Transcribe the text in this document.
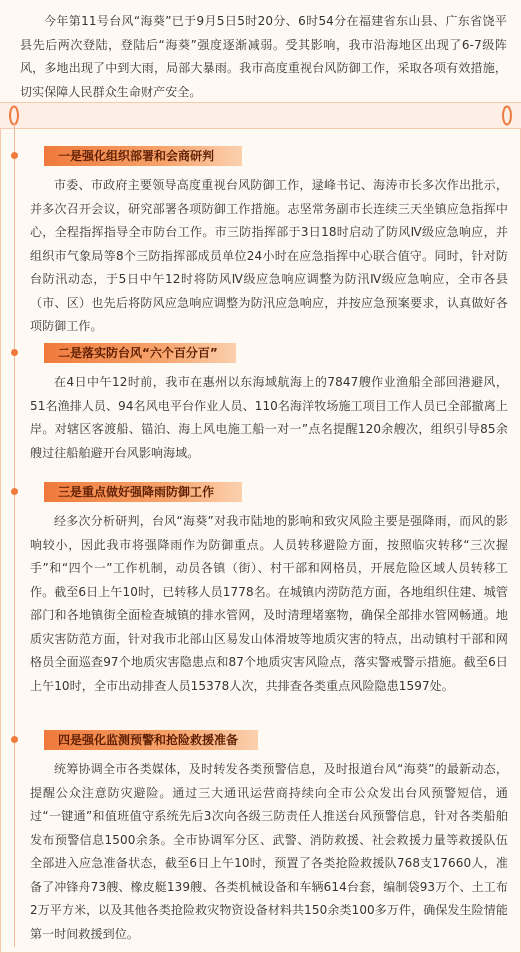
今年第11号台风“海葵”已于9月5日5时20分、6时54分在福建省东山县、广东省饶平县先后两次登陆，登陆后“海葵”强度逐渐减弱。受其影响，我市沿海地区出现了6-7级阵风，多地出现了中到大雨，局部大暴雨。我市高度重视台风防御工作，采取各项有效措施，切实保障人民群众生命财产安全。

一是强化组织部署和会商研判

市委、市政府主要领导高度重视台风防御工作，逯峰书记、海涛市长多次作出批示，并多次召开会议，研究部署各项防御工作措施。志坚常务副市长连续三天坐镇应急指挥中心，全程指挥指导全市防台工作。市三防指挥部于3日18时启动了防风Ⅳ级应急响应，并组织市气象局等8个三防指挥部成员单位24小时在应急指挥中心联合值守。同时，针对防台防汛动态，于5日中午12时将防风Ⅳ级应急响应调整为防汛Ⅳ级应急响应，全市各县（市、区）也先后将防风应急响应调整为防汛应急响应，并按应急预案要求，认真做好各项防御工作。

二是落实防台风“六个百分百”

在4日中午12时前，我市在惠州以东海域航海上的7847艘作业渔船全部回港避风，51名渔排人员、94名风电平台作业人员、110名海洋牧场施工项目工作人员已全部撤离上岸。对辖区客渡船、锚泊、海上风电施工船一对一”点名提醒120余艘次，组织引导85余艘过往船舶避开台风影响海域。

三是重点做好强降雨防御工作

经多次分析研判，台风“海葵”对我市陆地的影响和致灾风险主要是强降雨，而风的影响较小，因此我市将强降雨作为防御重点。人员转移避险方面，按照临灾转移“三次握手”和“四个一”工作机制，动员各镇（街）、村干部和网格员，开展危险区域人员转移工作。截至6日上午10时，已转移人员1778名。在城镇内涝防范方面，各地组织住建、城管部门和各地镇街全面检查城镇的排水管网，及时清理堵塞物，确保全部排水管网畅通。地质灾害防范方面，针对我市北部山区易发山体滑坡等地质灾害的特点，出动镇村干部和网格员全面巡查97个地质灾害隐患点和87个地质灾害风险点，落实警戒警示措施。截至6日上午10时，全市出动排查人员15378人次，共排查各类重点风险隐患1597处。

四是强化监测预警和抢险救援准备

统筹协调全市各类媒体，及时转发各类预警信息，及时报道台风“海葵”的最新动态，提醒公众注意防灾避险。通过三大通讯运营商持续向全市公众发出台风预警短信，通过“一键通”和值班值守系统先后3次向各级三防责任人推送台风预警信息，针对各类船舶发布预警信息1500余条。全市协调军分区、武警、消防救援、社会救援力量等救援队伍全部进入应急准备状态，截至6日上午10时，预置了各类抢险救援队768支17660人，准备了冲锋舟73艘、橡皮艇139艘、各类机械设备和车辆614台套，编制袋93万个、土工布2万平方米，以及其他各类抢险救灾物资设备材料共150余类100多万件，确保发生险情能第一时间救援到位。
